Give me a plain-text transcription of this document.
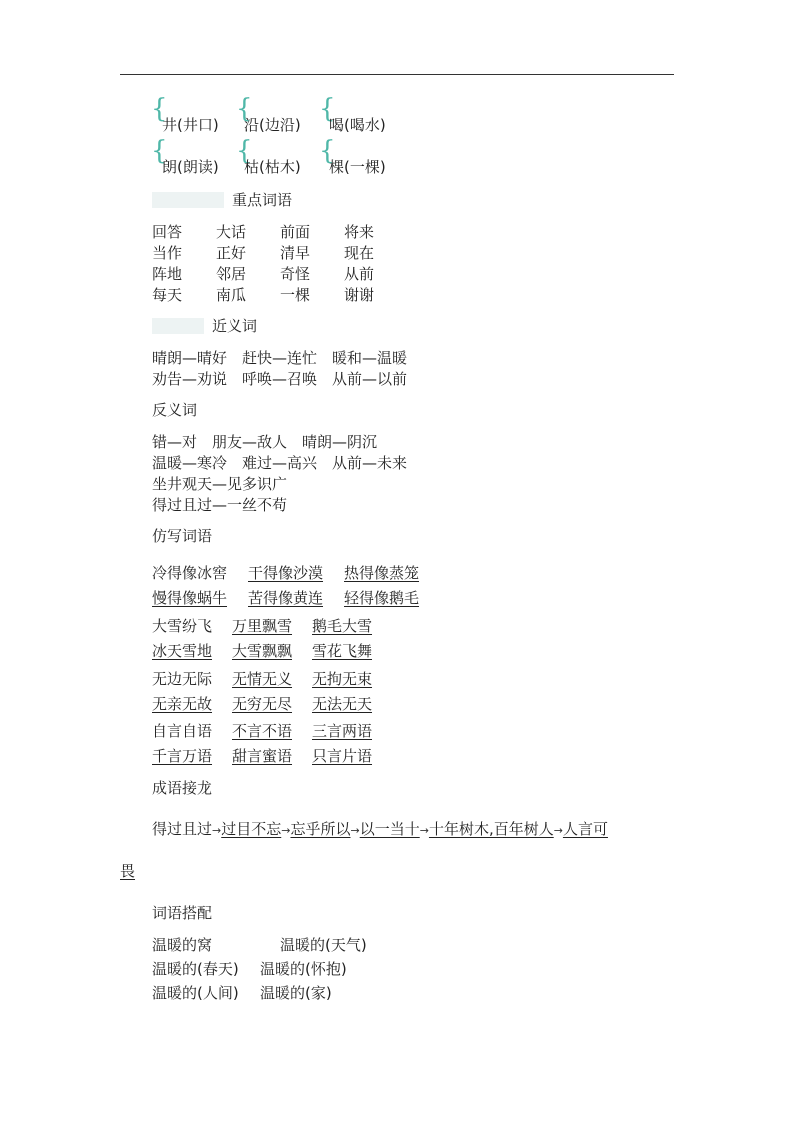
{
井(井口)
{
沿(边沿)
{
喝(喝水)
{
朗(朗读)
{
枯(枯木)
{
棵(一棵)
重点词语
回答 大话 前面 将来
当作 正好 清早 现在
阵地 邻居 奇怪 从前
每天 南瓜 一棵 谢谢
近义词
晴朗—晴好　赶快—连忙　暖和—温暖
劝告—劝说　呼唤—召唤　从前—以前
反义词
错—对　朋友—敌人　晴朗—阴沉
温暖—寒冷　难过—高兴　从前—未来
坐井观天—见多识广
得过且过—一丝不苟
仿写词语
冷得像冰窖 干得像沙漠 热得像蒸笼
慢得像蜗牛 苦得像黄连 轻得像鹅毛
大雪纷飞 万里飘雪 鹅毛大雪
冰天雪地 大雪飘飘 雪花飞舞
无边无际 无情无义 无拘无束
无亲无故 无穷无尽 无法无天
自言自语 不言不语 三言两语
千言万语 甜言蜜语 只言片语
成语接龙
得过且过→过目不忘→忘乎所以→以一当十→十年树木,百年树人→人言可
畏
词语搭配
温暖的窝	温暖的(天气)
温暖的(春天) 温暖的(怀抱)
温暖的(人间) 温暖的(家)
